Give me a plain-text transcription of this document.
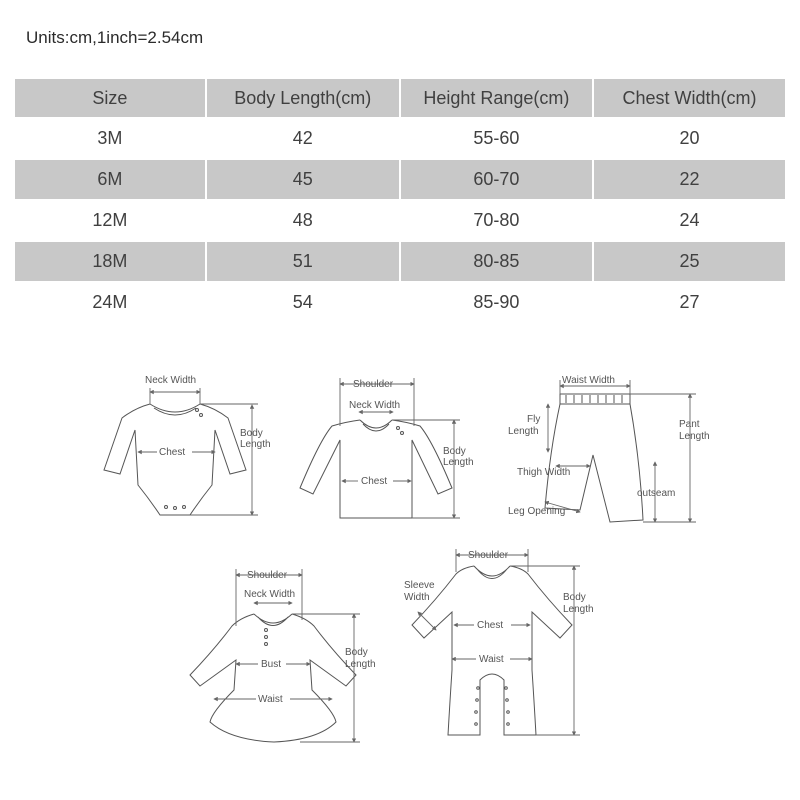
Units:cm,1inch=2.54cm
Size	Body Length(cm)	Height Range(cm)	Chest Width(cm)
3M	42	55-60	20
6M	45	60-70	22
12M	48	70-80	24
18M	51	80-85	25
24M	54	85-90	27
Neck Width
Chest
Body
Length
Shoulder
Neck Width
Chest
Body
Length
Waist Width
Fly
Length
Pant
Length
Thigh Width
outseam
Leg Opening
Shoulder
Neck Width
Bust
Waist
Body
Length
Shoulder
Sleeve
Width
Chest
Waist
Body
Length
